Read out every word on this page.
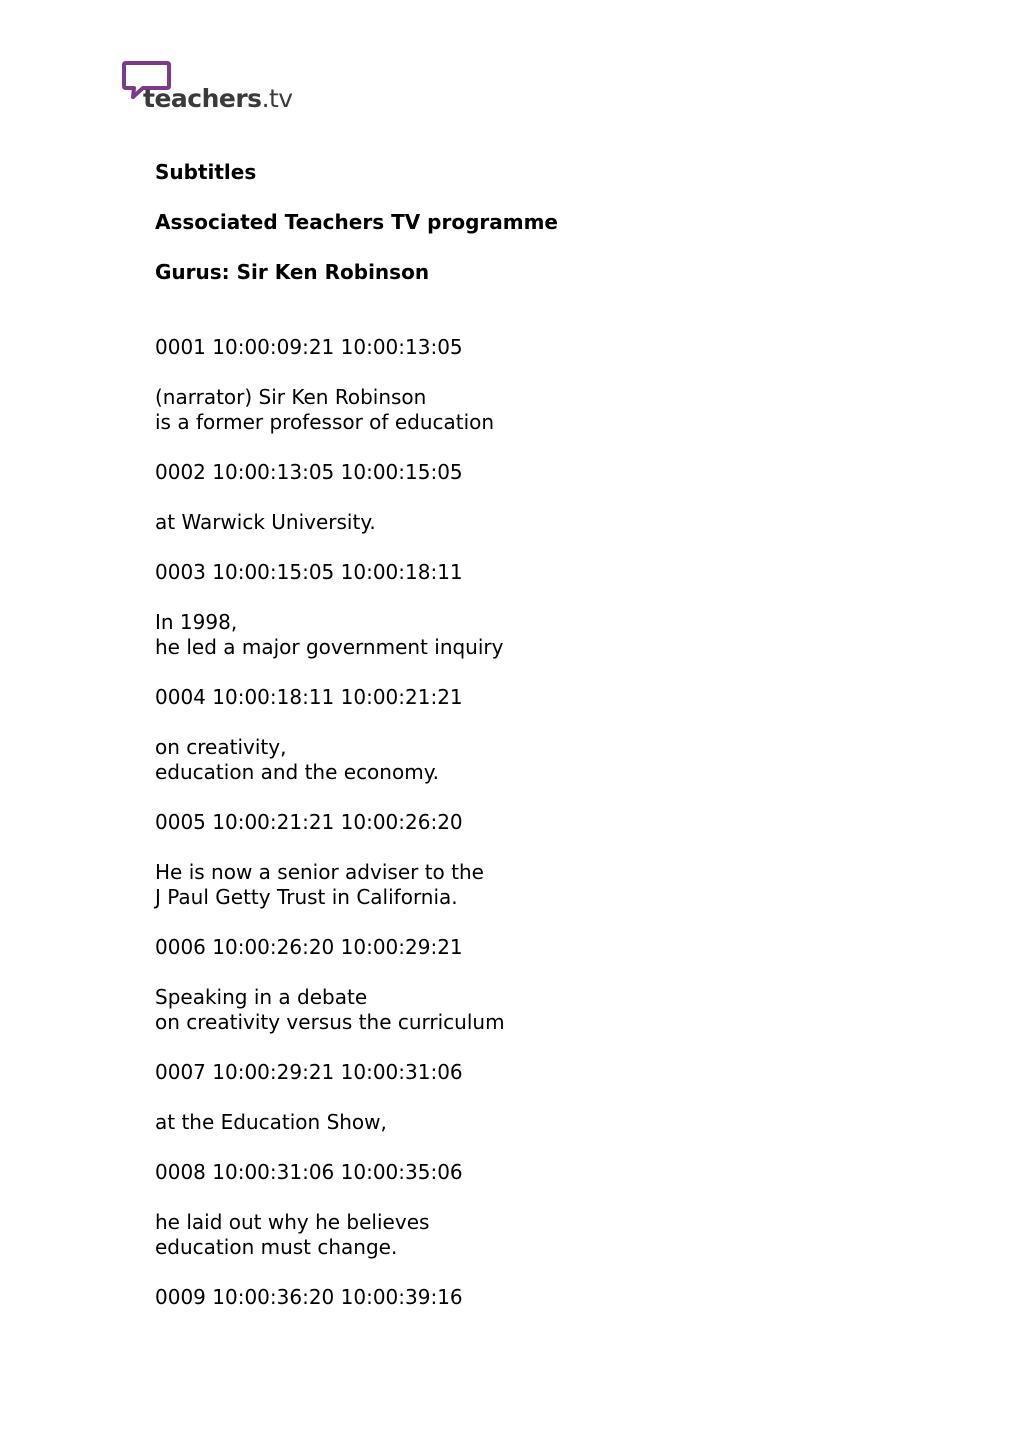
teachers.tv
Subtitles
Associated Teachers TV programme
Gurus: Sir Ken Robinson
0001 10:00:09:21 10:00:13:05
(narrator) Sir Ken Robinson
is a former professor of education
0002 10:00:13:05 10:00:15:05
at Warwick University.
0003 10:00:15:05 10:00:18:11
In 1998,
he led a major government inquiry
0004 10:00:18:11 10:00:21:21
on creativity,
education and the economy.
0005 10:00:21:21 10:00:26:20
He is now a senior adviser to the
J Paul Getty Trust in California.
0006 10:00:26:20 10:00:29:21
Speaking in a debate
on creativity versus the curriculum
0007 10:00:29:21 10:00:31:06
at the Education Show,
0008 10:00:31:06 10:00:35:06
he laid out why he believes
education must change.
0009 10:00:36:20 10:00:39:16
